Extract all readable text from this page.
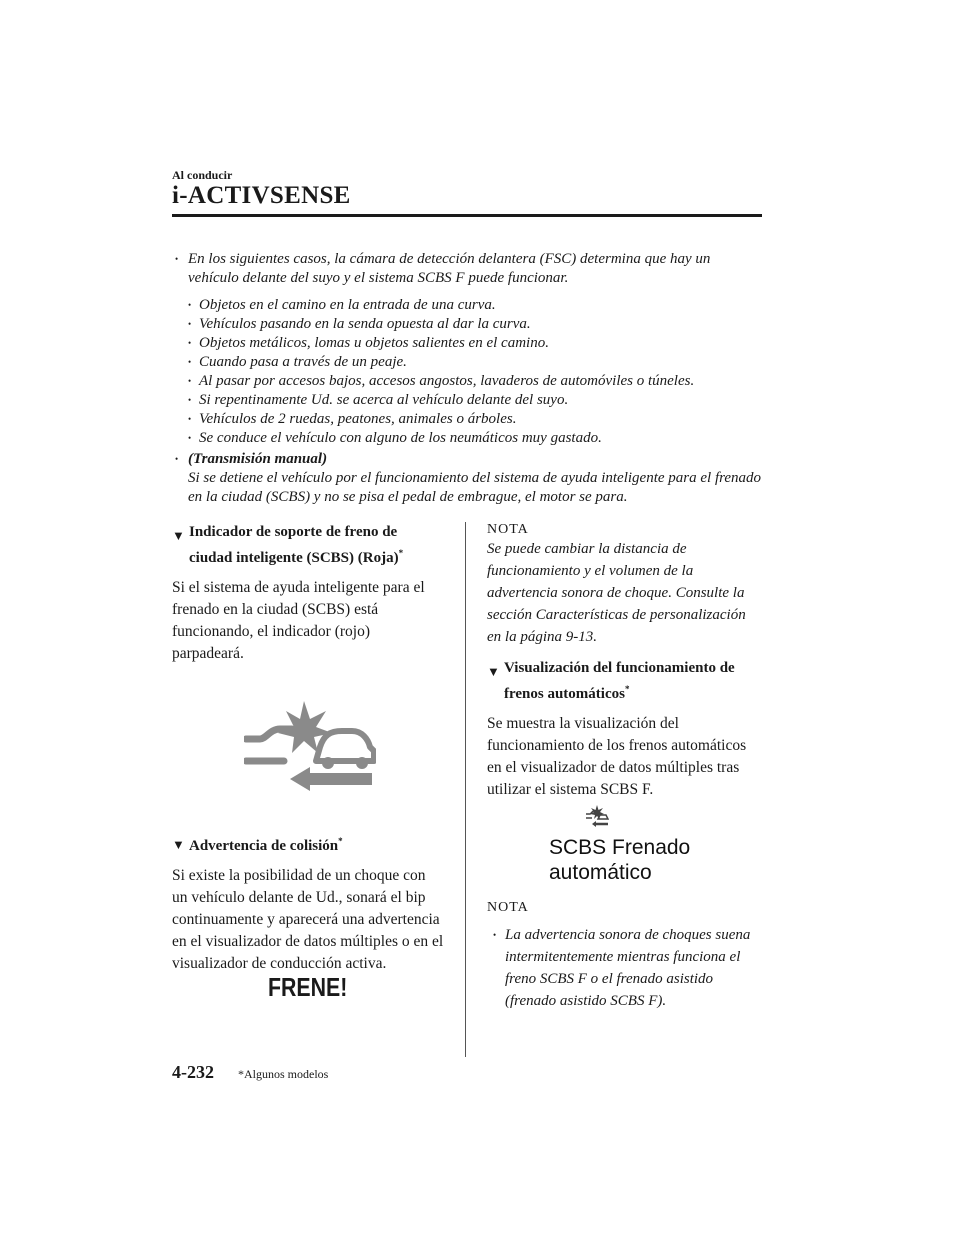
Al conducir
i-ACTIVSENSE
• En los siguientes casos, la cámara de detección delantera (FSC) determina que hay un vehículo delante del suyo y el sistema SCBS F puede funcionar.
• Objetos en el camino en la entrada de una curva.
• Vehículos pasando en la senda opuesta al dar la curva.
• Objetos metálicos, lomas u objetos salientes en el camino.
• Cuando pasa a través de un peaje.
• Al pasar por accesos bajos, accesos angostos, lavaderos de automóviles o túneles.
• Si repentinamente Ud. se acerca al vehículo delante del suyo.
• Vehículos de 2 ruedas, peatones, animales o árboles.
• Se conduce el vehículo con alguno de los neumáticos muy gastado.
• (Transmisión manual)
Si se detiene el vehículo por el funcionamiento del sistema de ayuda inteligente para el frenado en la ciudad (SCBS) y no se pisa el pedal de embrague, el motor se para.
▼ Indicador de soporte de freno de ciudad inteligente (SCBS) (Roja)*
Si el sistema de ayuda inteligente para el frenado en la ciudad (SCBS) está funcionando, el indicador (rojo) parpadeará.
▼ Advertencia de colisión*
Si existe la posibilidad de un choque con un vehículo delante de Ud., sonará el bip continuamente y aparecerá una advertencia en el visualizador de datos múltiples o en el visualizador de conducción activa.
FRENE!
NOTA
Se puede cambiar la distancia de funcionamiento y el volumen de la advertencia sonora de choque. Consulte la sección Características de personalización en la página 9-13.
▼ Visualización del funcionamiento de frenos automáticos*
Se muestra la visualización del funcionamiento de los frenos automáticos en el visualizador de datos múltiples tras utilizar el sistema SCBS F.
SCBS Frenado
automático
NOTA
• La advertencia sonora de choques suena intermitentemente mientras funciona el freno SCBS F o el frenado asistido (frenado asistido SCBS F).
4-232 *Algunos modelos
